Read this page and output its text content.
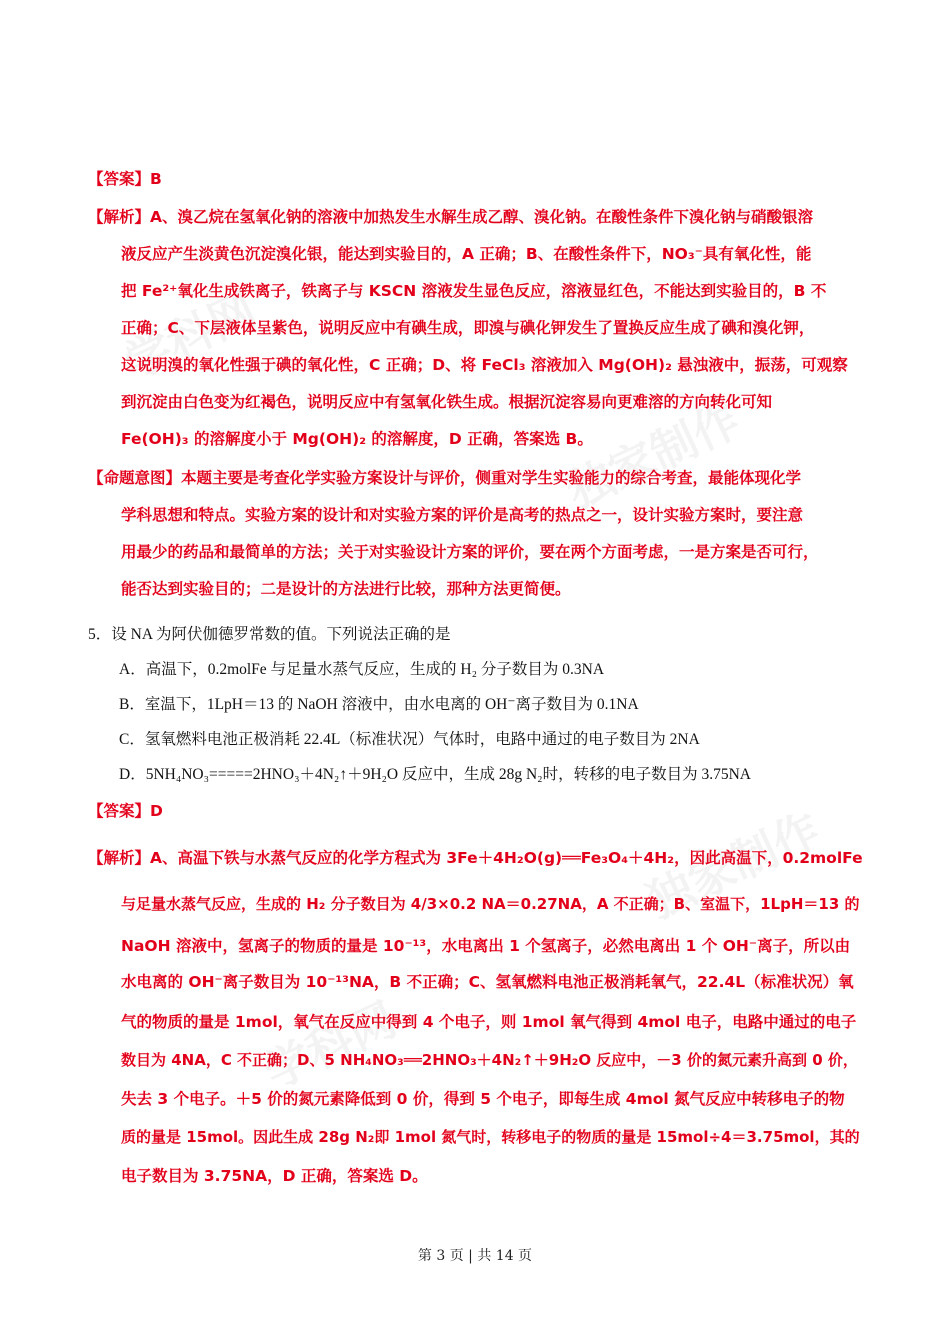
学科网
独家制作
学科网
独家制作
【答案】B
【解析】A、溴乙烷在氢氧化钠的溶液中加热发生水解生成乙醇、溴化钠。在酸性条件下溴化钠与硝酸银溶
液反应产生淡黄色沉淀溴化银，能达到实验目的，A 正确；B、在酸性条件下，NO₃⁻具有氧化性，能
把 Fe²⁺氧化生成铁离子，铁离子与 KSCN 溶液发生显色反应，溶液显红色，不能达到实验目的，B 不
正确；C、下层液体呈紫色，说明反应中有碘生成，即溴与碘化钾发生了置换反应生成了碘和溴化钾，
这说明溴的氧化性强于碘的氧化性，C 正确；D、将 FeCl₃ 溶液加入 Mg(OH)₂ 悬浊液中，振荡，可观察
到沉淀由白色变为红褐色，说明反应中有氢氧化铁生成。根据沉淀容易向更难溶的方向转化可知
Fe(OH)₃ 的溶解度小于 Mg(OH)₂ 的溶解度，D 正确，答案选 B。
【命题意图】本题主要是考查化学实验方案设计与评价，侧重对学生实验能力的综合考查，最能体现化学
学科思想和特点。实验方案的设计和对实验方案的评价是高考的热点之一，设计实验方案时，要注意
用最少的药品和最简单的方法；关于对实验设计方案的评价，要在两个方面考虑，一是方案是否可行，
能否达到实验目的；二是设计的方法进行比较，那种方法更简便。
5．设 NA 为阿伏伽德罗常数的值。下列说法正确的是
A．高温下，0.2molFe 与足量水蒸气反应，生成的 H₂ 分子数目为 0.3NA
B．室温下，1LpH＝13 的 NaOH 溶液中，由水电离的 OH⁻离子数目为 0.1NA
C．氢氧燃料电池正极消耗 22.4L（标准状况）气体时，电路中通过的电子数目为 2NA
D．5NH₄NO₃=====2HNO₃＋4N₂↑＋9H₂O 反应中，生成 28g N₂时，转移的电子数目为 3.75NA
【答案】D
【解析】A、高温下铁与水蒸气反应的化学方程式为 3Fe＋4H₂O(g)══Fe₃O₄＋4H₂，因此高温下，0.2molFe
与足量水蒸气反应，生成的 H₂ 分子数目为 4/3×0.2 NA＝0.27NA，A 不正确；B、室温下，1LpH＝13 的
NaOH 溶液中，氢离子的物质的量是 10⁻¹³，水电离出 1 个氢离子，必然电离出 1 个 OH⁻离子，所以由
水电离的 OH⁻离子数目为 10⁻¹³NA，B 不正确；C、氢氧燃料电池正极消耗氧气，22.4L（标准状况）氧
气的物质的量是 1mol，氧气在反应中得到 4 个电子，则 1mol 氧气得到 4mol 电子，电路中通过的电子
数目为 4NA，C 不正确；D、5 NH₄NO₃══2HNO₃＋4N₂↑＋9H₂O 反应中，－3 价的氮元素升高到 0 价，
失去 3 个电子。＋5 价的氮元素降低到 0 价，得到 5 个电子，即每生成 4mol 氮气反应中转移电子的物
质的量是 15mol。因此生成 28g N₂即 1mol 氮气时，转移电子的物质的量是 15mol÷4＝3.75mol，其的
电子数目为 3.75NA，D 正确，答案选 D。
第 3 页 | 共 14 页
